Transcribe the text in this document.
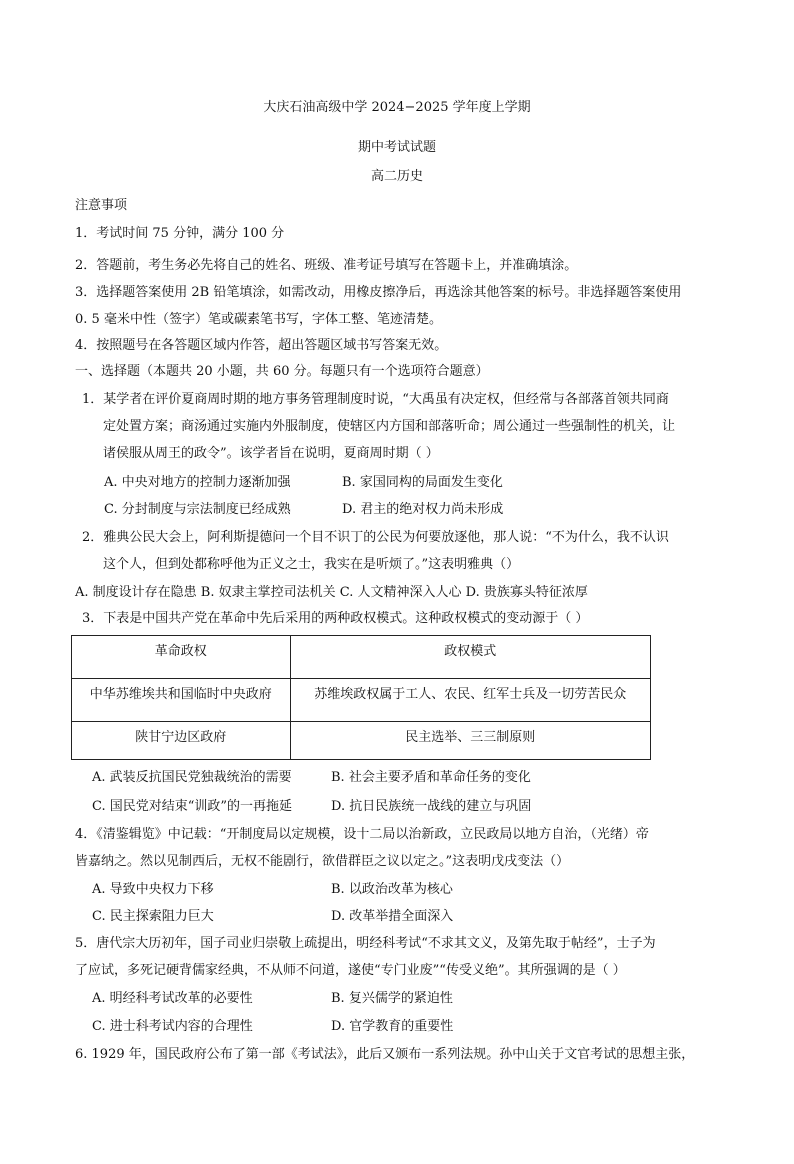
大庆石油高级中学 2024−2025 学年度上学期
期中考试试题
高二历史
注意事项
1．考试时间 75 分钟，满分 100 分
2．答题前，考生务必先将自己的姓名、班级、准考证号填写在答题卡上，并准确填涂。
3．选择题答案使用 2B 铅笔填涂，如需改动，用橡皮擦净后，再选涂其他答案的标号。非选择题答案使用
0. 5 毫米中性（签字）笔或碳素笔书写，字体工整、笔迹清楚。
4．按照题号在各答题区域内作答，超出答题区域书写答案无效。
一、选择题（本题共 20 小题，共 60 分。每题只有一个选项符合题意）
1．某学者在评价夏商周时期的地方事务管理制度时说，“大禹虽有决定权，但经常与各部落首领共同商
定处置方案；商汤通过实施内外服制度，使辖区内方国和部落听命；周公通过一些强制性的机关，让
诸侯服从周王的政令”。该学者旨在说明，夏商周时期（ ）
A. 中央对地方的控制力逐渐加强	B. 家国同构的局面发生变化
C. 分封制度与宗法制度已经成熟	D. 君主的绝对权力尚未形成
2．雅典公民大会上，阿利斯提德问一个目不识丁的公民为何要放逐他，那人说：“不为什么，我不认识
这个人，但到处都称呼他为正义之士，我实在是听烦了。”这表明雅典（）
A. 制度设计存在隐患 B. 奴隶主掌控司法机关 C. 人文精神深入人心 D. 贵族寡头特征浓厚
3．下表是中国共产党在革命中先后采用的两种政权模式。这种政权模式的变动源于（ ）
革命政权	政权模式
中华苏维埃共和国临时中央政府	苏维埃政权属于工人、农民、红军士兵及一切劳苦民众
陕甘宁边区政府	民主选举、三三制原则
A. 武装反抗国民党独裁统治的需要	B. 社会主要矛盾和革命任务的变化
C. 国民党对结束“训政”的一再拖延	D. 抗日民族统一战线的建立与巩固
4．《清鉴辑览》中记载：“开制度局以定规模，设十二局以治新政，立民政局以地方自治，（光绪）帝
皆嘉纳之。然以见制西后，无权不能剧行，欲借群臣之议以定之。”这表明戊戌变法（）
A. 导致中央权力下移	B. 以政治改革为核心
C. 民主探索阻力巨大	D. 改革举措全面深入
5．唐代宗大历初年，国子司业归崇敬上疏提出，明经科考试“不求其文义，及第先取于帖经”，士子为
了应试，多死记硬背儒家经典，不从师不问道，遂使“专门业废”“传受义绝”。其所强调的是（ ）
A. 明经科考试改革的必要性	B. 复兴儒学的紧迫性
C. 进士科考试内容的合理性	D. 官学教育的重要性
6. 1929 年，国民政府公布了第一部《考试法》，此后又颁布一系列法规。孙中山关于文官考试的思想主张，
